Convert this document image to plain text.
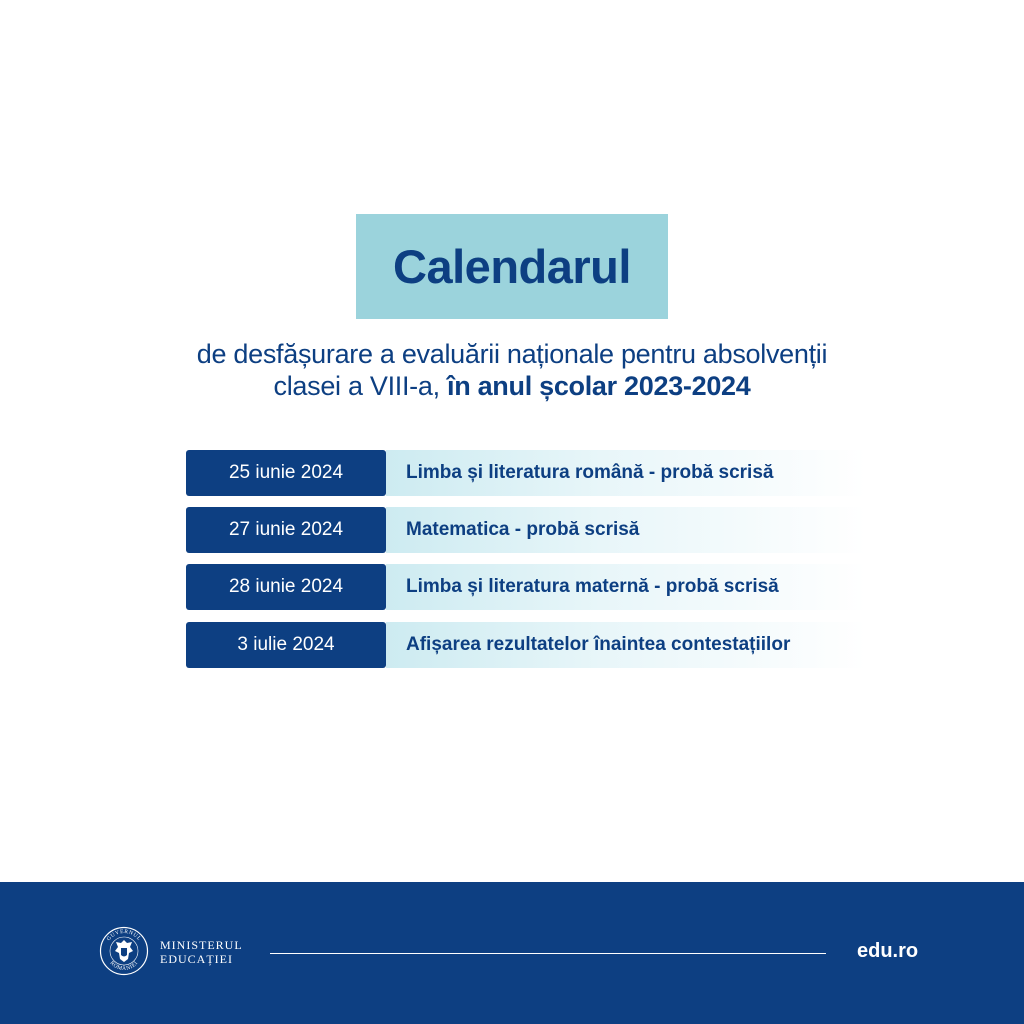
Calendarul
de desfășurare a evaluării naționale pentru absolvenții
clasei a VIII-a, în anul școlar 2023-2024
25 iunie 2024	Limba și literatura română - probă scrisă
27 iunie 2024	Matematica - probă scrisă
28 iunie 2024	Limba și literatura maternă - probă scrisă
3 iulie 2024	Afișarea rezultatelor înaintea contestațiilor
GUVERNUL
ROMÂNIEI
MINISTERUL
EDUCAȚIEI	edu.ro
